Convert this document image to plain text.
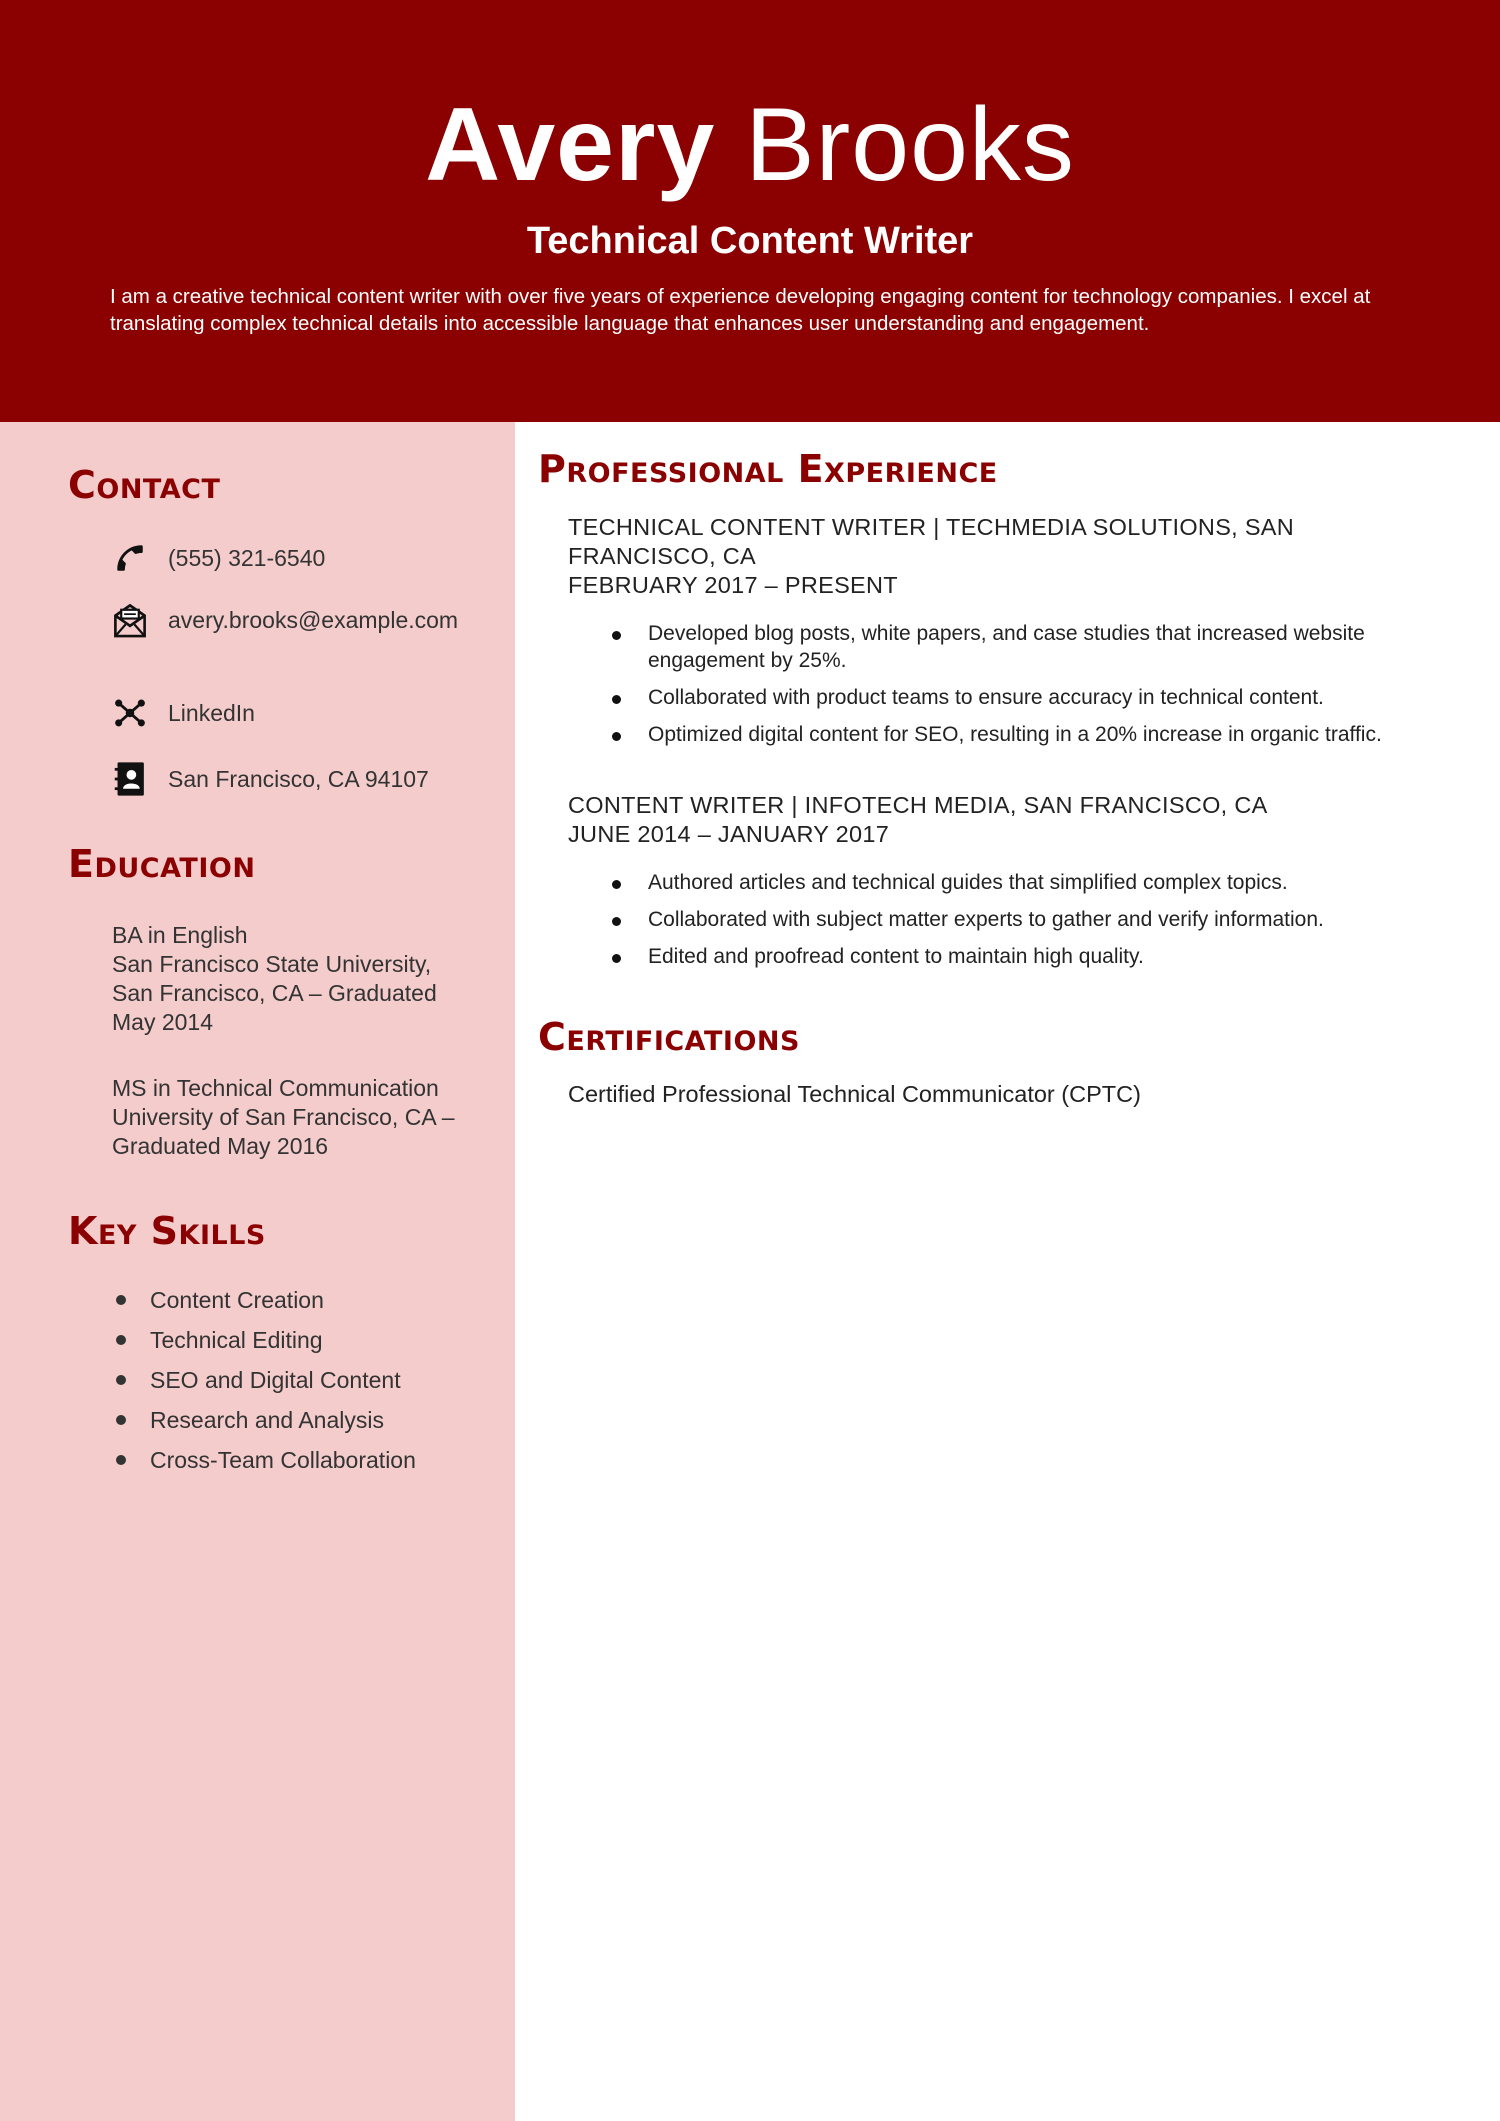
Avery Brooks
Technical Content Writer
I am a creative technical content writer with over five years of experience developing engaging content for technology companies. I excel at translating complex technical details into accessible language that enhances user understanding and engagement.
Contact
(555) 321-6540
avery.brooks@example.com
LinkedIn
San Francisco, CA 94107
Education
BA in English
San Francisco State University, San Francisco, CA – Graduated May 2014
MS in Technical Communication
University of San Francisco, CA – Graduated May 2016
Key Skills
Content Creation
Technical Editing
SEO and Digital Content
Research and Analysis
Cross-Team Collaboration
Professional Experience
TECHNICAL CONTENT WRITER | TECHMEDIA SOLUTIONS, SAN FRANCISCO, CA
FEBRUARY 2017 – PRESENT
Developed blog posts, white papers, and case studies that increased website engagement by 25%.
Collaborated with product teams to ensure accuracy in technical content.
Optimized digital content for SEO, resulting in a 20% increase in organic traffic.
CONTENT WRITER | INFOTECH MEDIA, SAN FRANCISCO, CA
JUNE 2014 – JANUARY 2017
Authored articles and technical guides that simplified complex topics.
Collaborated with subject matter experts to gather and verify information.
Edited and proofread content to maintain high quality.
Certifications
Certified Professional Technical Communicator (CPTC)
